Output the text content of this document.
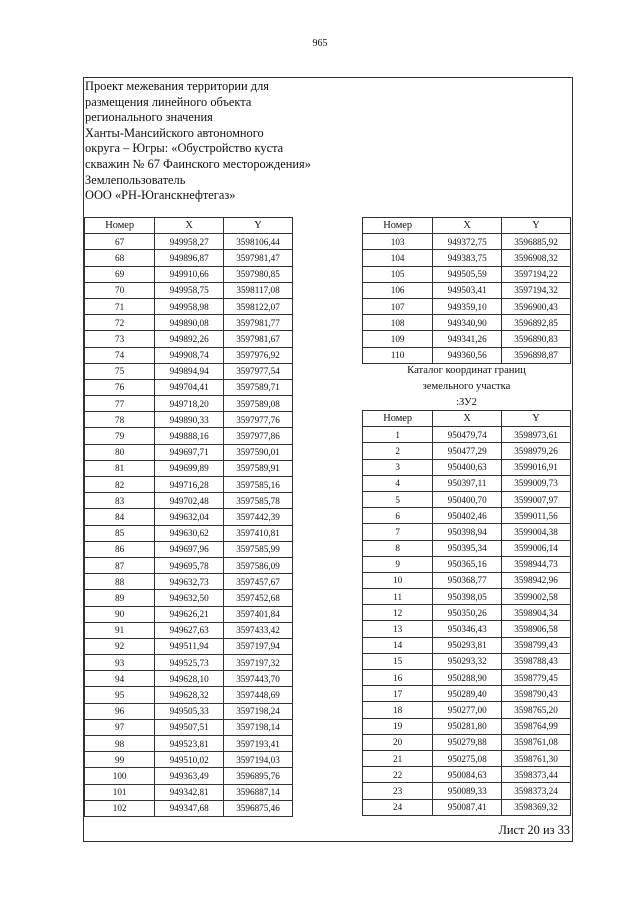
965
Проект межевания территории для
размещения линейного объекта
регионального значения
Ханты-Мансийского автономного
округа – Югры: «Обустройство куста
скважин № 67 Фаинского месторождения»
Землепользователь
ООО «РН-Юганскнефтегаз»
Номер	X	Y
67	949958,27	3598106,44
68	949896,87	3597981,47
69	949910,66	3597980,85
70	949958,75	3598117,08
71	949958,98	3598122,07
72	949890,08	3597981,77
73	949892,26	3597981,67
74	949908,74	3597976,92
75	949894,94	3597977,54
76	949704,41	3597589,71
77	949718,20	3597589,08
78	949890,33	3597977,76
79	949888,16	3597977,86
80	949697,71	3597590,01
81	949699,89	3597589,91
82	949716,28	3597585,16
83	949702,48	3597585,78
84	949632,04	3597442,39
85	949630,62	3597410,81
86	949697,96	3597585,99
87	949695,78	3597586,09
88	949632,73	3597457,67
89	949632,50	3597452,68
90	949626,21	3597401,84
91	949627,63	3597433,42
92	949511,94	3597197,94
93	949525,73	3597197,32
94	949628,10	3597443,70
95	949628,32	3597448,69
96	949505,33	3597198,24
97	949507,51	3597198,14
98	949523,81	3597193,41
99	949510,02	3597194,03
100	949363,49	3596895,76
101	949342,81	3596887,14
102	949347,68	3596875,46
Номер	X	Y
103	949372,75	3596885,92
104	949383,75	3596908,32
105	949505,59	3597194,22
106	949503,41	3597194,32
107	949359,10	3596900,43
108	949340,90	3596892,85
109	949341,26	3596890,83
110	949360,56	3596898,87
Каталог координат границ
земельного участка
:ЗУ2
Номер	X	Y
1	950479,74	3598973,61
2	950477,29	3598979,26
3	950400,63	3599016,91
4	950397,11	3599009,73
5	950400,70	3599007,97
6	950402,46	3599011,56
7	950398,94	3599004,38
8	950395,34	3599006,14
9	950365,16	3598944,73
10	950368,77	3598942,96
11	950398,05	3599002,58
12	950350,26	3598904,34
13	950346,43	3598906,58
14	950293,81	3598799,43
15	950293,32	3598788,43
16	950288,90	3598779,45
17	950289,40	3598790,43
18	950277,00	3598765,20
19	950281,80	3598764,99
20	950279,88	3598761,08
21	950275,08	3598761,30
22	950084,63	3598373,44
23	950089,33	3598373,24
24	950087,41	3598369,32
Лист 20 из 33
